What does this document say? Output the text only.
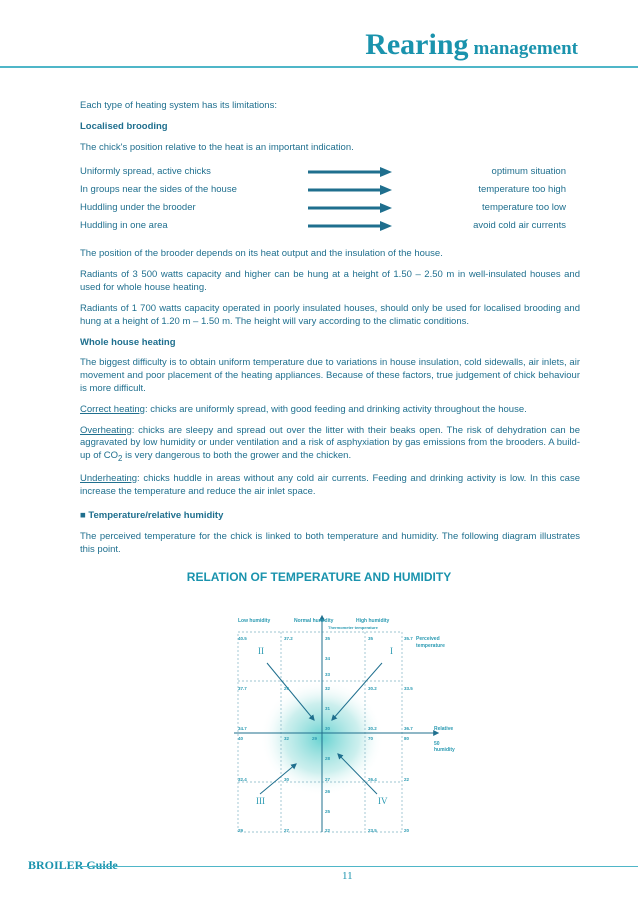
Rearing management

Each type of heating system has its limitations:

Localised brooding

The chick's position relative to the heat is an important indication.

Uniformly spread, active chicks	optimum situation
In groups near the sides of the house	temperature too high
Huddling under the brooder	temperature too low
Huddling in one area	avoid cold air currents

The position of the brooder depends on its heat output and the insulation of the house.

Radiants of 3 500 watts capacity and higher can be hung at a height of 1.50 – 2.50 m in well-insulated houses and used for whole house heating.

Radiants of 1 700 watts capacity operated in poorly insulated houses, should only be used for localised brooding and hung at a height of 1.20 m – 1.50 m. The height will vary according to the climatic conditions.

Whole house heating

The biggest difficulty is to obtain uniform temperature due to variations in house insulation, cold sidewalls, air inlets, air movement and poor placement of the heating appliances. Because of these factors, true judgement of chick behaviour is more difficult.

Correct heating: chicks are uniformly spread, with good feeding and drinking activity throughout the house.

Overheating: chicks are sleepy and spread out over the litter with their beaks open. The risk of dehydration can be aggravated by low humidity or under ventilation and a risk of asphyxiation by gas emissions from the brooders. A build-up of $CO_2$ is very dangerous to both the grower and the chicken.

Underheating: chicks huddle in areas without any cold air currents. Feeding and drinking activity is low. In this case increase the temperature and reduce the air inlet space.

■ Temperature/relative humidity

The perceived temperature for the chick is linked to both temperature and humidity. The following diagram illustrates this point.

RELATION OF TEMPERATURE AND HUMIDITY
Low humidity	Normal humidity	High humidity
Thermometer temperature
Perceived
temperature
Relative
50
humidity
II	I
III	IV
40.5
37.7
34.7
40
32.4
29
37.2
29
32
30
27
35
34
33
32
31
30
29
28
27
26
25
22
35
30.2
30.2
70
26.4
23.5
35.7
33.5
36.7
80
22
20
BROILER Guide
11
